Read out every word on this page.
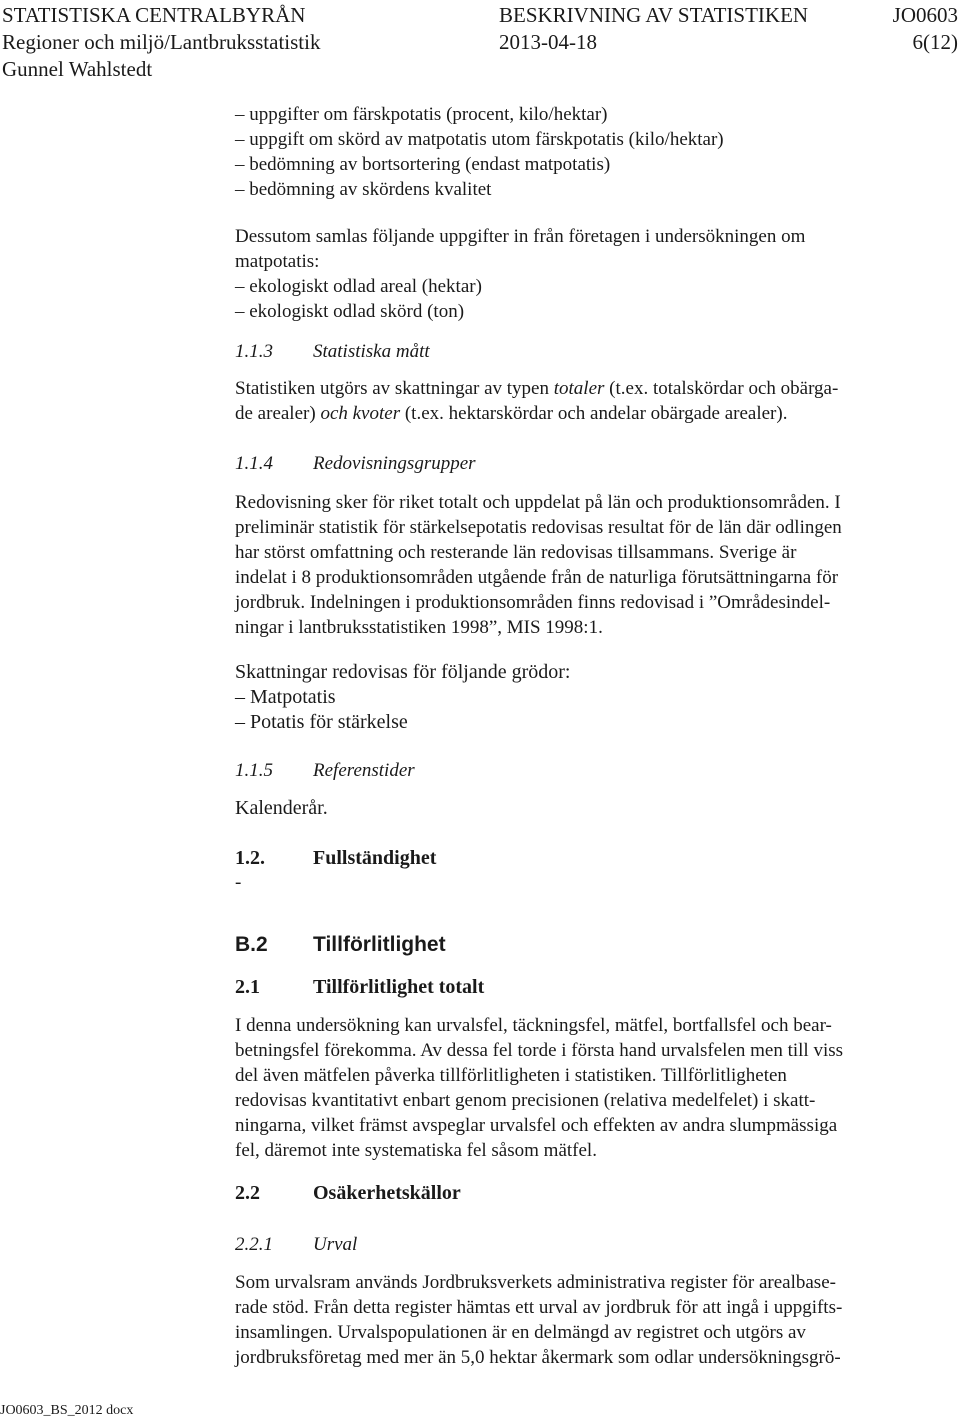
STATISTISKA CENTRALBYRÅN	BESKRIVNING AV STATISTIKEN	JO0603
Regioner och miljö/Lantbruksstatistik	2013-04-18	6(12)
Gunnel Wahlstedt
– uppgifter om färskpotatis (procent, kilo/hektar)
– uppgift om skörd av matpotatis utom färskpotatis (kilo/hektar)
– bedömning av bortsortering (endast matpotatis)
– bedömning av skördens kvalitet
Dessutom samlas följande uppgifter in från företagen i undersökningen om
matpotatis:
– ekologiskt odlad areal (hektar)
– ekologiskt odlad skörd (ton)
1.1.3 Statistiska mått
Statistiken utgörs av skattningar av typen totaler (t.ex. totalskördar och obärga-
de arealer) och kvoter (t.ex. hektarskördar och andelar obärgade arealer).
1.1.4 Redovisningsgrupper
Redovisning sker för riket totalt och uppdelat på län och produktionsområden. I
preliminär statistik för stärkelsepotatis redovisas resultat för de län där odlingen
har störst omfattning och resterande län redovisas tillsammans. Sverige är
indelat i 8 produktionsområden utgående från de naturliga förutsättningarna för
jordbruk. Indelningen i produktionsområden finns redovisad i ”Områdesindel-
ningar i lantbruksstatistiken 1998”, MIS 1998:1.
Skattningar redovisas för följande grödor:
– Matpotatis
– Potatis för stärkelse
1.1.5 Referenstider
Kalenderår.
1.2. Fullständighet
-
B.2 Tillförlitlighet
2.1	Tillförlitlighet totalt
I denna undersökning kan urvalsfel, täckningsfel, mätfel, bortfallsfel och bear-
betningsfel förekomma. Av dessa fel torde i första hand urvalsfelen men till viss
del även mätfelen påverka tillförlitligheten i statistiken. Tillförlitligheten
redovisas kvantitativt enbart genom precisionen (relativa medelfelet) i skatt-
ningarna, vilket främst avspeglar urvalsfel och effekten av andra slumpmässiga
fel, däremot inte systematiska fel såsom mätfel.
2.2	Osäkerhetskällor
2.2.1 Urval
Som urvalsram används Jordbruksverkets administrativa register för arealbase-
rade stöd. Från detta register hämtas ett urval av jordbruk för att ingå i uppgifts-
insamlingen. Urvalspopulationen är en delmängd av registret och utgörs av
jordbruksföretag med mer än 5,0 hektar åkermark som odlar undersökningsgrö-
JO0603_BS_2012 docx
